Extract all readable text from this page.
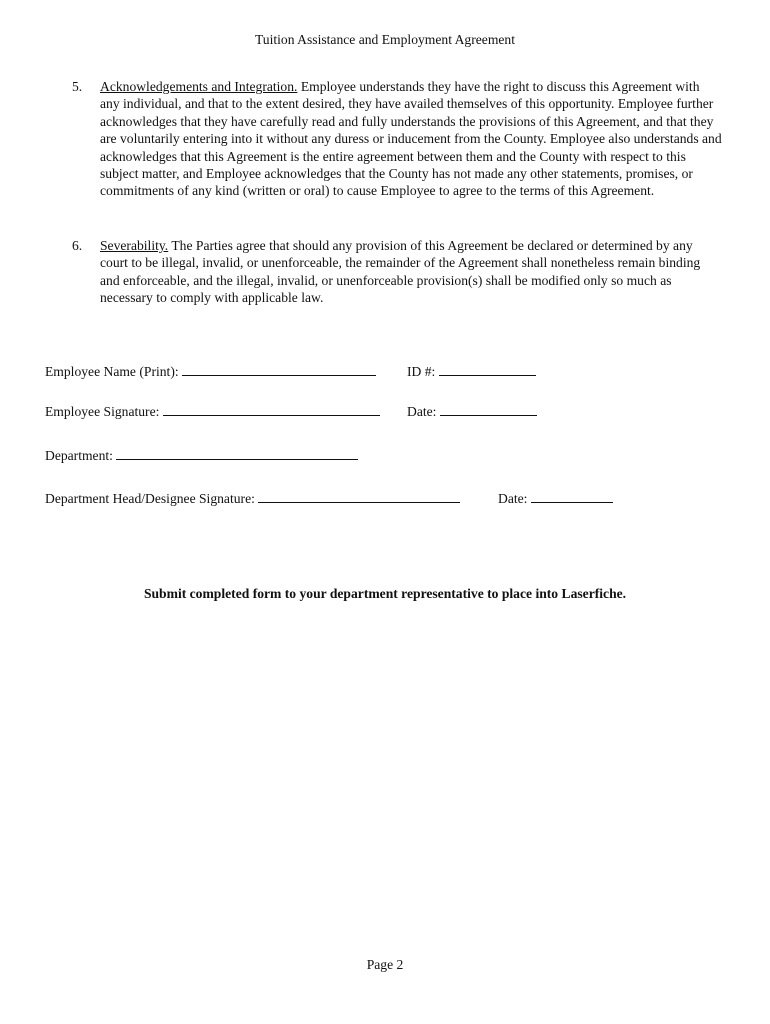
Tuition Assistance and Employment Agreement
5. Acknowledgements and Integration. Employee understands they have the right to discuss this Agreement with any individual, and that to the extent desired, they have availed themselves of this opportunity. Employee further acknowledges that they have carefully read and fully understands the provisions of this Agreement, and that they are voluntarily entering into it without any duress or inducement from the County. Employee also understands and acknowledges that this Agreement is the entire agreement between them and the County with respect to this subject matter, and Employee acknowledges that the County has not made any other statements, promises, or commitments of any kind (written or oral) to cause Employee to agree to the terms of this Agreement.
6. Severability. The Parties agree that should any provision of this Agreement be declared or determined by any court to be illegal, invalid, or unenforceable, the remainder of the Agreement shall nonetheless remain binding and enforceable, and the illegal, invalid, or unenforceable provision(s) shall be modified only so much as necessary to comply with applicable law.
Employee Name (Print):	ID #:
Employee Signature:	Date:
Department:
Department Head/Designee Signature:	Date:
Submit completed form to your department representative to place into Laserfiche.
Page 2
